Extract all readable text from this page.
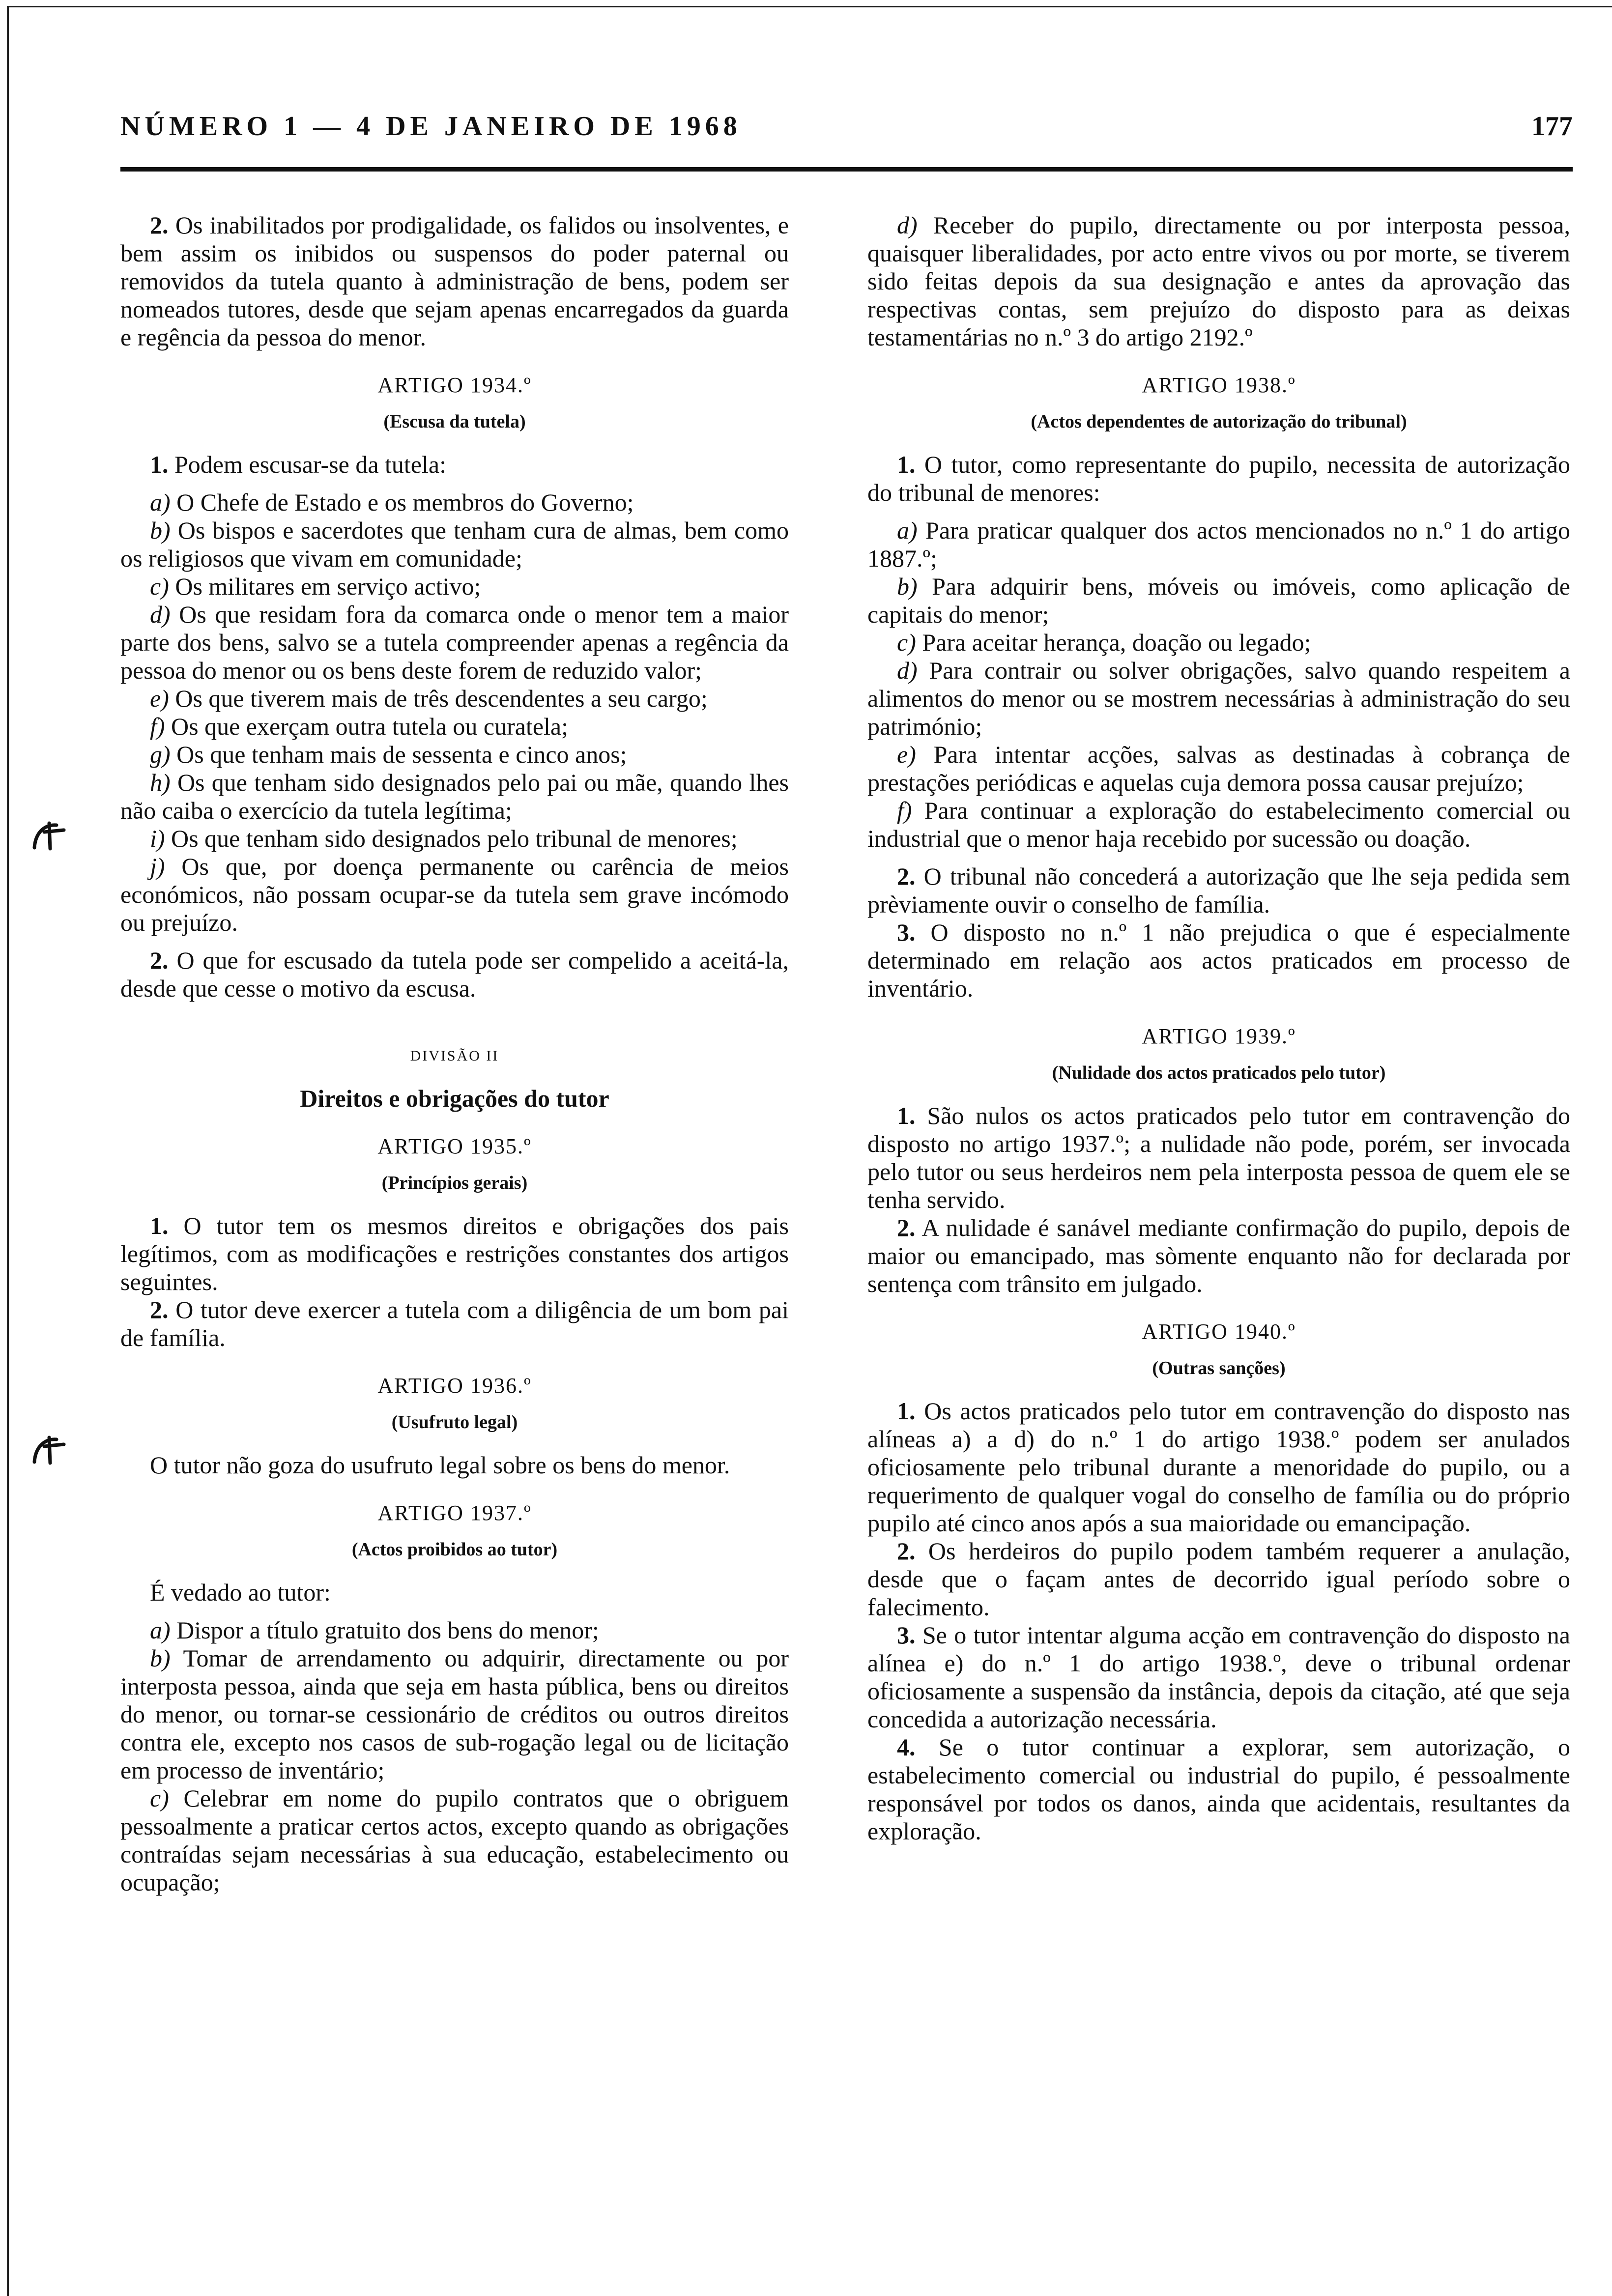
NÚMERO 1 — 4 DE JANEIRO DE 1968	177

2. Os inabilitados por prodigalidade, os falidos ou insolventes, e bem assim os inibidos ou suspensos do poder paternal ou removidos da tutela quanto à administração de bens, podem ser nomeados tutores, desde que sejam apenas encarregados da guarda e regência da pessoa do menor.

ARTIGO 1934.º
(Escusa da tutela)

1. Podem escusar-se da tutela:

a) O Chefe de Estado e os membros do Governo;

b) Os bispos e sacerdotes que tenham cura de almas, bem como os religiosos que vivam em comunidade;

c) Os militares em serviço activo;

d) Os que residam fora da comarca onde o menor tem a maior parte dos bens, salvo se a tutela compreender apenas a regência da pessoa do menor ou os bens deste forem de reduzido valor;

e) Os que tiverem mais de três descendentes a seu cargo;

f) Os que exerçam outra tutela ou curatela;

g) Os que tenham mais de sessenta e cinco anos;

h) Os que tenham sido designados pelo pai ou mãe, quando lhes não caiba o exercício da tutela legítima;

i) Os que tenham sido designados pelo tribunal de menores;

j) Os que, por doença permanente ou carência de meios económicos, não possam ocupar-se da tutela sem grave incómodo ou prejuízo.

2. O que for escusado da tutela pode ser compelido a aceitá-la, desde que cesse o motivo da escusa.

DIVISÃO II
Direitos e obrigações do tutor
ARTIGO 1935.º
(Princípios gerais)

1. O tutor tem os mesmos direitos e obrigações dos pais legítimos, com as modificações e restrições constantes dos artigos seguintes.

2. O tutor deve exercer a tutela com a diligência de um bom pai de família.

ARTIGO 1936.º
(Usufruto legal)

O tutor não goza do usufruto legal sobre os bens do menor.

ARTIGO 1937.º
(Actos proibidos ao tutor)

É vedado ao tutor:

a) Dispor a título gratuito dos bens do menor;

b) Tomar de arrendamento ou adquirir, directamente ou por interposta pessoa, ainda que seja em hasta pública, bens ou direitos do menor, ou tornar-se cessionário de créditos ou outros direitos contra ele, excepto nos casos de sub-rogação legal ou de licitação em processo de inventário;

c) Celebrar em nome do pupilo contratos que o obriguem pessoalmente a praticar certos actos, excepto quando as obrigações contraídas sejam necessárias à sua educação, estabelecimento ou ocupação;

d) Receber do pupilo, directamente ou por interposta pessoa, quaisquer liberalidades, por acto entre vivos ou por morte, se tiverem sido feitas depois da sua designação e antes da aprovação das respectivas contas, sem prejuízo do disposto para as deixas testamentárias no n.º 3 do artigo 2192.º

ARTIGO 1938.º
(Actos dependentes de autorização do tribunal)

1. O tutor, como representante do pupilo, necessita de autorização do tribunal de menores:

a) Para praticar qualquer dos actos mencionados no n.º 1 do artigo 1887.º;

b) Para adquirir bens, móveis ou imóveis, como aplicação de capitais do menor;

c) Para aceitar herança, doação ou legado;

d) Para contrair ou solver obrigações, salvo quando respeitem a alimentos do menor ou se mostrem necessárias à administração do seu património;

e) Para intentar acções, salvas as destinadas à cobrança de prestações periódicas e aquelas cuja demora possa causar prejuízo;

f) Para continuar a exploração do estabelecimento comercial ou industrial que o menor haja recebido por sucessão ou doação.

2. O tribunal não concederá a autorização que lhe seja pedida sem prèviamente ouvir o conselho de família.

3. O disposto no n.º 1 não prejudica o que é especialmente determinado em relação aos actos praticados em processo de inventário.

ARTIGO 1939.º
(Nulidade dos actos praticados pelo tutor)

1. São nulos os actos praticados pelo tutor em contravenção do disposto no artigo 1937.º; a nulidade não pode, porém, ser invocada pelo tutor ou seus herdeiros nem pela interposta pessoa de quem ele se tenha servido.

2. A nulidade é sanável mediante confirmação do pupilo, depois de maior ou emancipado, mas sòmente enquanto não for declarada por sentença com trânsito em julgado.

ARTIGO 1940.º
(Outras sanções)

1. Os actos praticados pelo tutor em contravenção do disposto nas alíneas a) a d) do n.º 1 do artigo 1938.º podem ser anulados oficiosamente pelo tribunal durante a menoridade do pupilo, ou a requerimento de qualquer vogal do conselho de família ou do próprio pupilo até cinco anos após a sua maioridade ou emancipação.

2. Os herdeiros do pupilo podem também requerer a anulação, desde que o façam antes de decorrido igual período sobre o falecimento.

3. Se o tutor intentar alguma acção em contravenção do disposto na alínea e) do n.º 1 do artigo 1938.º, deve o tribunal ordenar oficiosamente a suspensão da instância, depois da citação, até que seja concedida a autorização necessária.

4. Se o tutor continuar a explorar, sem autorização, o estabelecimento comercial ou industrial do pupilo, é pessoalmente responsável por todos os danos, ainda que acidentais, resultantes da exploração.
